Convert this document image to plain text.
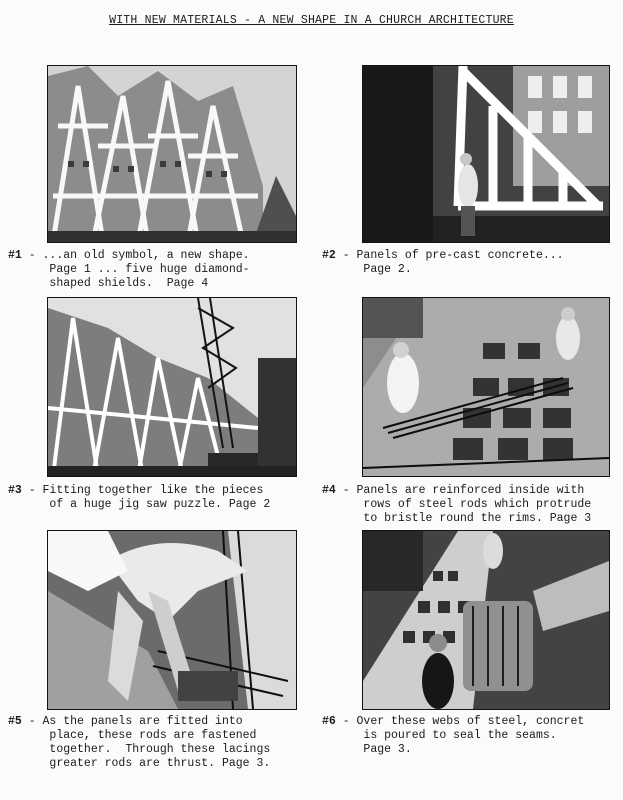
WITH NEW MATERIALS - A NEW SHAPE IN A CHURCH ARCHITECTURE
#1 - ...an old symbol, a new shape.
Page 1 ... five huge diamond-
shaped shields.  Page 4
#2 - Panels of pre-cast concrete...
Page 2.
#3 - Fitting together like the pieces
of a huge jig saw puzzle. Page 2
#4 - Panels are reinforced inside with
rows of steel rods which protrude
to bristle round the rims. Page 3
#5 - As the panels are fitted into
place, these rods are fastened
together.  Through these lacings
greater rods are thrust. Page 3.
#6 - Over these webs of steel, concret
is poured to seal the seams.
Page 3.
